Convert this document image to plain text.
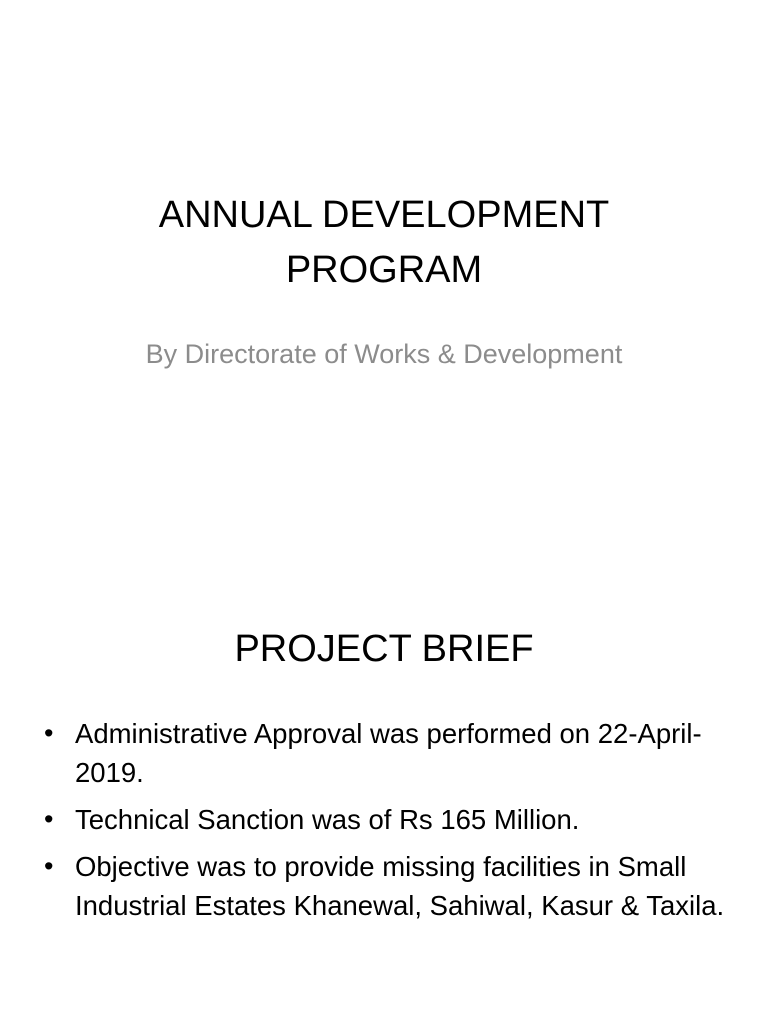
ANNUAL DEVELOPMENT PROGRAM

By Directorate of Works & Development

PROJECT BRIEF
• Administrative Approval was performed on 22-April-2019.
• Technical Sanction was of Rs 165 Million.
• Objective was to provide missing facilities in Small Industrial Estates Khanewal, Sahiwal, Kasur & Taxila.
